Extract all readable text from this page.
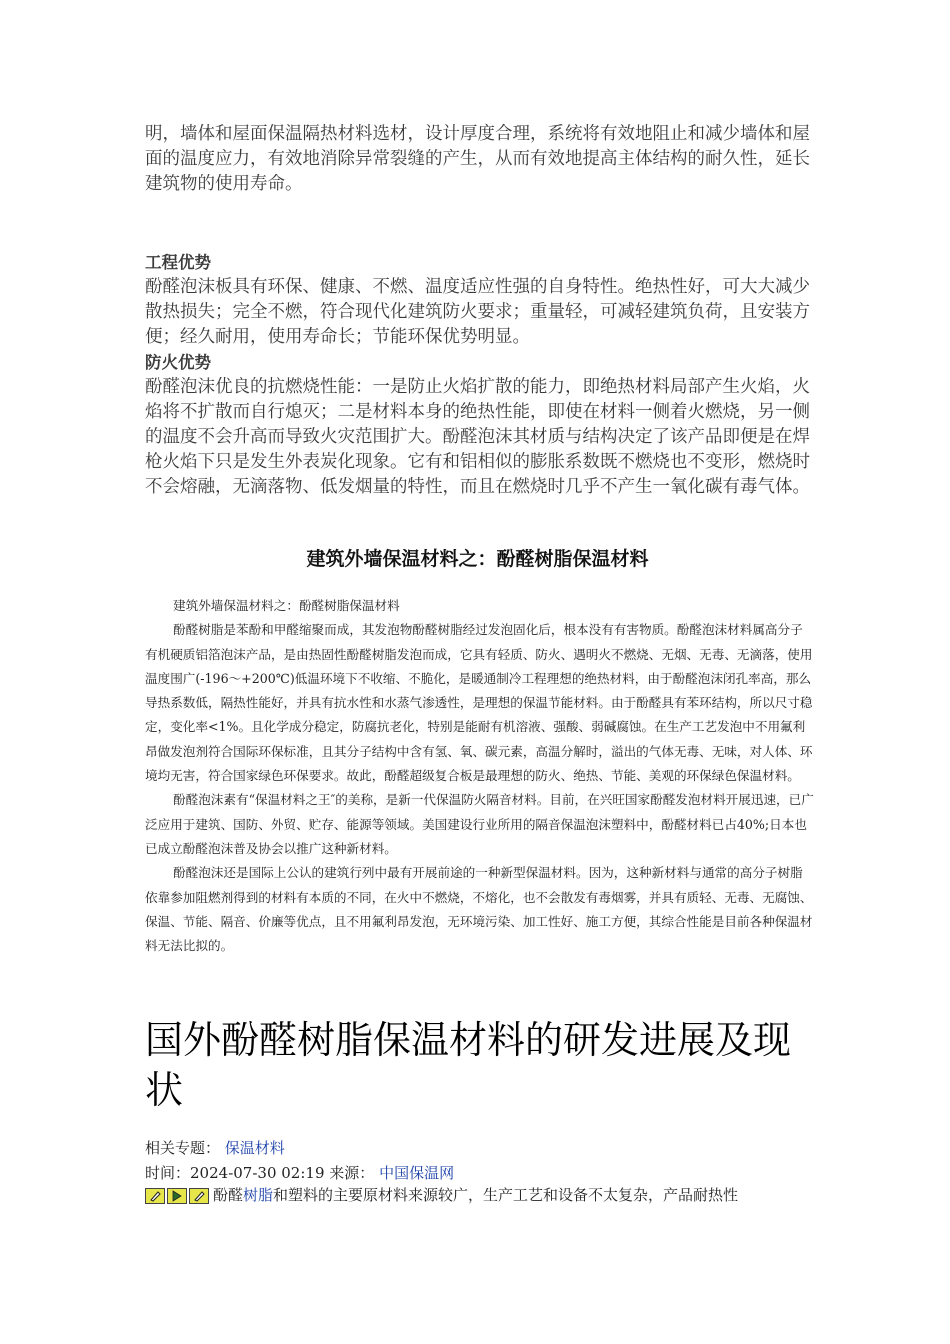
明，墙体和屋面保温隔热材料选材，设计厚度合理，系统将有效地阻止和减少墙体和屋面的温度应力，有效地消除异常裂缝的产生，从而有效地提高主体结构的耐久性，延长建筑物的使用寿命。

工程优势

酚醛泡沫板具有环保、健康、不燃、温度适应性强的自身特性。绝热性好，可大大减少散热损失；完全不燃，符合现代化建筑防火要求；重量轻，可减轻建筑负荷，且安装方便；经久耐用，使用寿命长；节能环保优势明显。

防火优势

酚醛泡沫优良的抗燃烧性能：一是防止火焰扩散的能力，即绝热材料局部产生火焰，火焰将不扩散而自行熄灭；二是材料本身的绝热性能，即使在材料一侧着火燃烧，另一侧的温度不会升高而导致火灾范围扩大。酚醛泡沫其材质与结构决定了该产品即便是在焊枪火焰下只是发生外表炭化现象。它有和铝相似的膨胀系数既不燃烧也不变形，燃烧时不会熔融，无滴落物、低发烟量的特性，而且在燃烧时几乎不产生一氧化碳有毒气体。

建筑外墙保温材料之：酚醛树脂保温材料

建筑外墙保温材料之：酚醛树脂保温材料

酚醛树脂是苯酚和甲醛缩聚而成，其发泡物酚醛树脂经过发泡固化后，根本没有有害物质。酚醛泡沫材料属高分子有机硬质铝箔泡沫产品，是由热固性酚醛树脂发泡而成，它具有轻质、防火、遇明火不燃烧、无烟、无毒、无滴落，使用温度围广(-196～+200℃)低温环境下不收缩、不脆化，是暖通制冷工程理想的绝热材料，由于酚醛泡沫闭孔率高，那么导热系数低，隔热性能好，并具有抗水性和水蒸气渗透性，是理想的保温节能材料。由于酚醛具有苯环结构，所以尺寸稳定，变化率<1%。且化学成分稳定，防腐抗老化，特别是能耐有机溶液、强酸、弱碱腐蚀。在生产工艺发泡中不用氟利昂做发泡剂符合国际环保标准，且其分子结构中含有氢、氧、碳元素，高温分解时，溢出的气体无毒、无味，对人体、环境均无害，符合国家绿色环保要求。故此，酚醛超级复合板是最理想的防火、绝热、节能、美观的环保绿色保温材料。

酚醛泡沫素有“保温材料之王″的美称，是新一代保温防火隔音材料。目前，在兴旺国家酚醛发泡材料开展迅速，已广泛应用于建筑、国防、外贸、贮存、能源等领域。美国建设行业所用的隔音保温泡沫塑料中，酚醛材料已占40%;日本也已成立酚醛泡沫普及协会以推广这种新材料。

酚醛泡沫还是国际上公认的建筑行列中最有开展前途的一种新型保温材料。因为，这种新材料与通常的高分子树脂依靠参加阻燃剂得到的材料有本质的不同，在火中不燃烧，不熔化，也不会散发有毒烟雾，并具有质轻、无毒、无腐蚀、保温、节能、隔音、价廉等优点，且不用氟利昂发泡，无环境污染、加工性好、施工方便，其综合性能是目前各种保温材料无法比拟的。

国外酚醛树脂保温材料的研发进展及现状

相关专题： 保温材料

时间：2024-07-30 02:19 来源： 中国保温网

酚醛 树脂 和塑料的主要原材料来源较广，生产工艺和设备不太复杂，产品耐热性
